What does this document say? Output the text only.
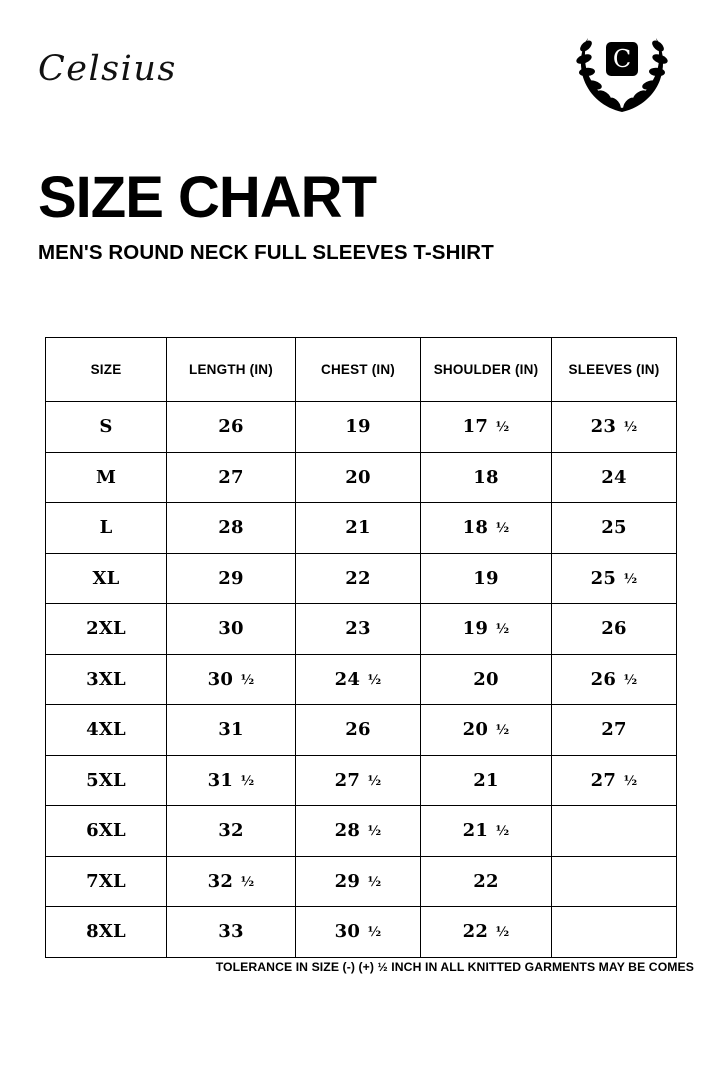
Celsius	C
SIZE CHART

MEN'S ROUND NECK FULL SLEEVES T-SHIRT

SIZE	LENGTH (IN)	CHEST (IN)	SHOULDER (IN)	SLEEVES (IN)
S	26	19	17 ½	23 ½
M	27	20	18	24
L	28	21	18 ½	25
XL	29	22	19	25 ½
2XL	30	23	19 ½	26
3XL	30 ½	24 ½	20	26 ½
4XL	31	26	20 ½	27
5XL	31 ½	27 ½	21	27 ½
6XL	32	28 ½	21 ½	
7XL	32 ½	29 ½	22	
8XL	33	30 ½	22 ½	
TOLERANCE IN SIZE (-) (+) ½ INCH IN ALL KNITTED GARMENTS MAY BE COMES
